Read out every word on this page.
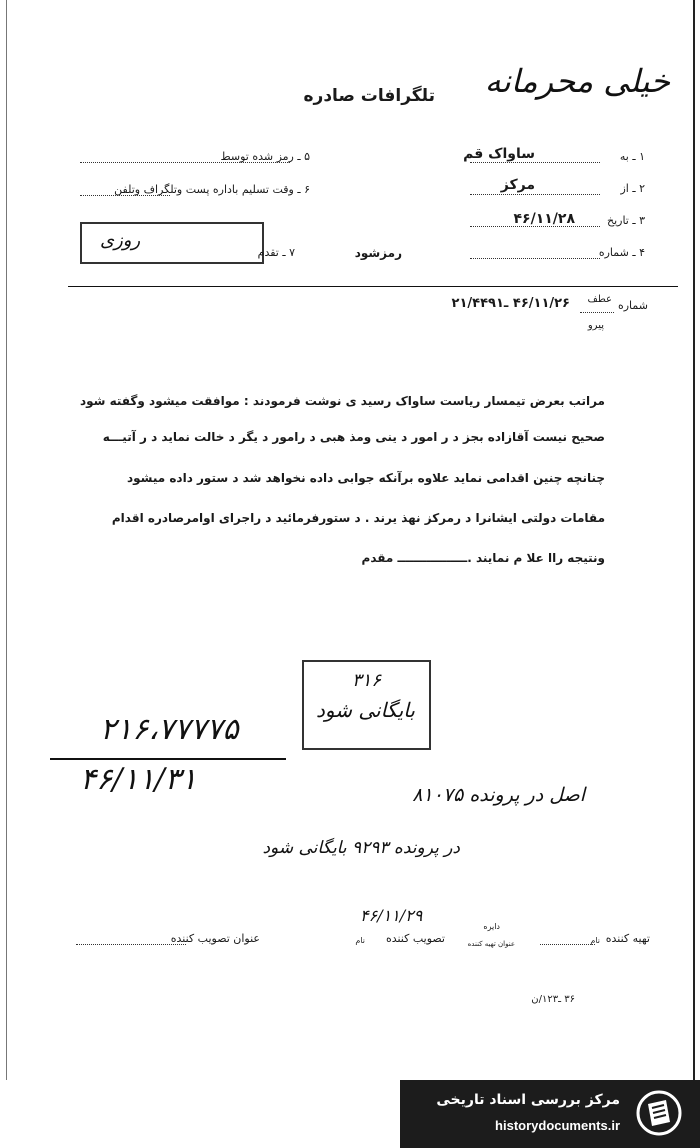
خیلی محرمانه
تلگرافات صادره
۵ ـ رمز شده توسط
۶ ـ وقت تسلیم باداره پست وتلگراف وتلفن
روزی
۷ ـ تقدم	رمزشود
۱ ـ به
ساواک قم
۲ ـ از
مرکز
۳ ـ تاریخ
۴۶/۱۱/۲۸
۴ ـ شماره
شماره
عطف
پیرو
۴۶/۱۱/۲۶ ـ۲۱/۴۴۹۱
مراتب بعرض تیمسار ریاست ساواک رسید ی نوشت فرمودند : موافقت میشود وگفته شود
صحیح نیست آقازاده بجز د ر امور د ینی ومذ هبی د رامور د یگر د خالت نماید د ر آتیـــه
چنانچه چنین اقدامی نماید علاوه برآنکه جوابی داده نخواهد شد د ستور داده میشود
مقامات دولتی ایشانرا د رمرکز نهذ یرند . د ستورفرمائید د راجرای اوامرصادره اقدام
ونتیجه راا علا م نمایند .ـــــــــــــــــ مقدم
۳۱۶
بایگانی شود
۲۱۶،۷۷۷۷۵
۴۶/۱۱/۳۱	اصل در پرونده ۸۱۰۷۵
در پرونده ۹۲۹۳ بایگانی شود
۴۶/۱۱/۲۹
تهیه کننده
نام
دایره
عنوان تهیه کننده
تصویب کننده
نام
عنوان تصویب کننده
۳۶ ـ۱۲۳/ن
مرکز بررسی اسناد تاریخی
historydocuments.ir
